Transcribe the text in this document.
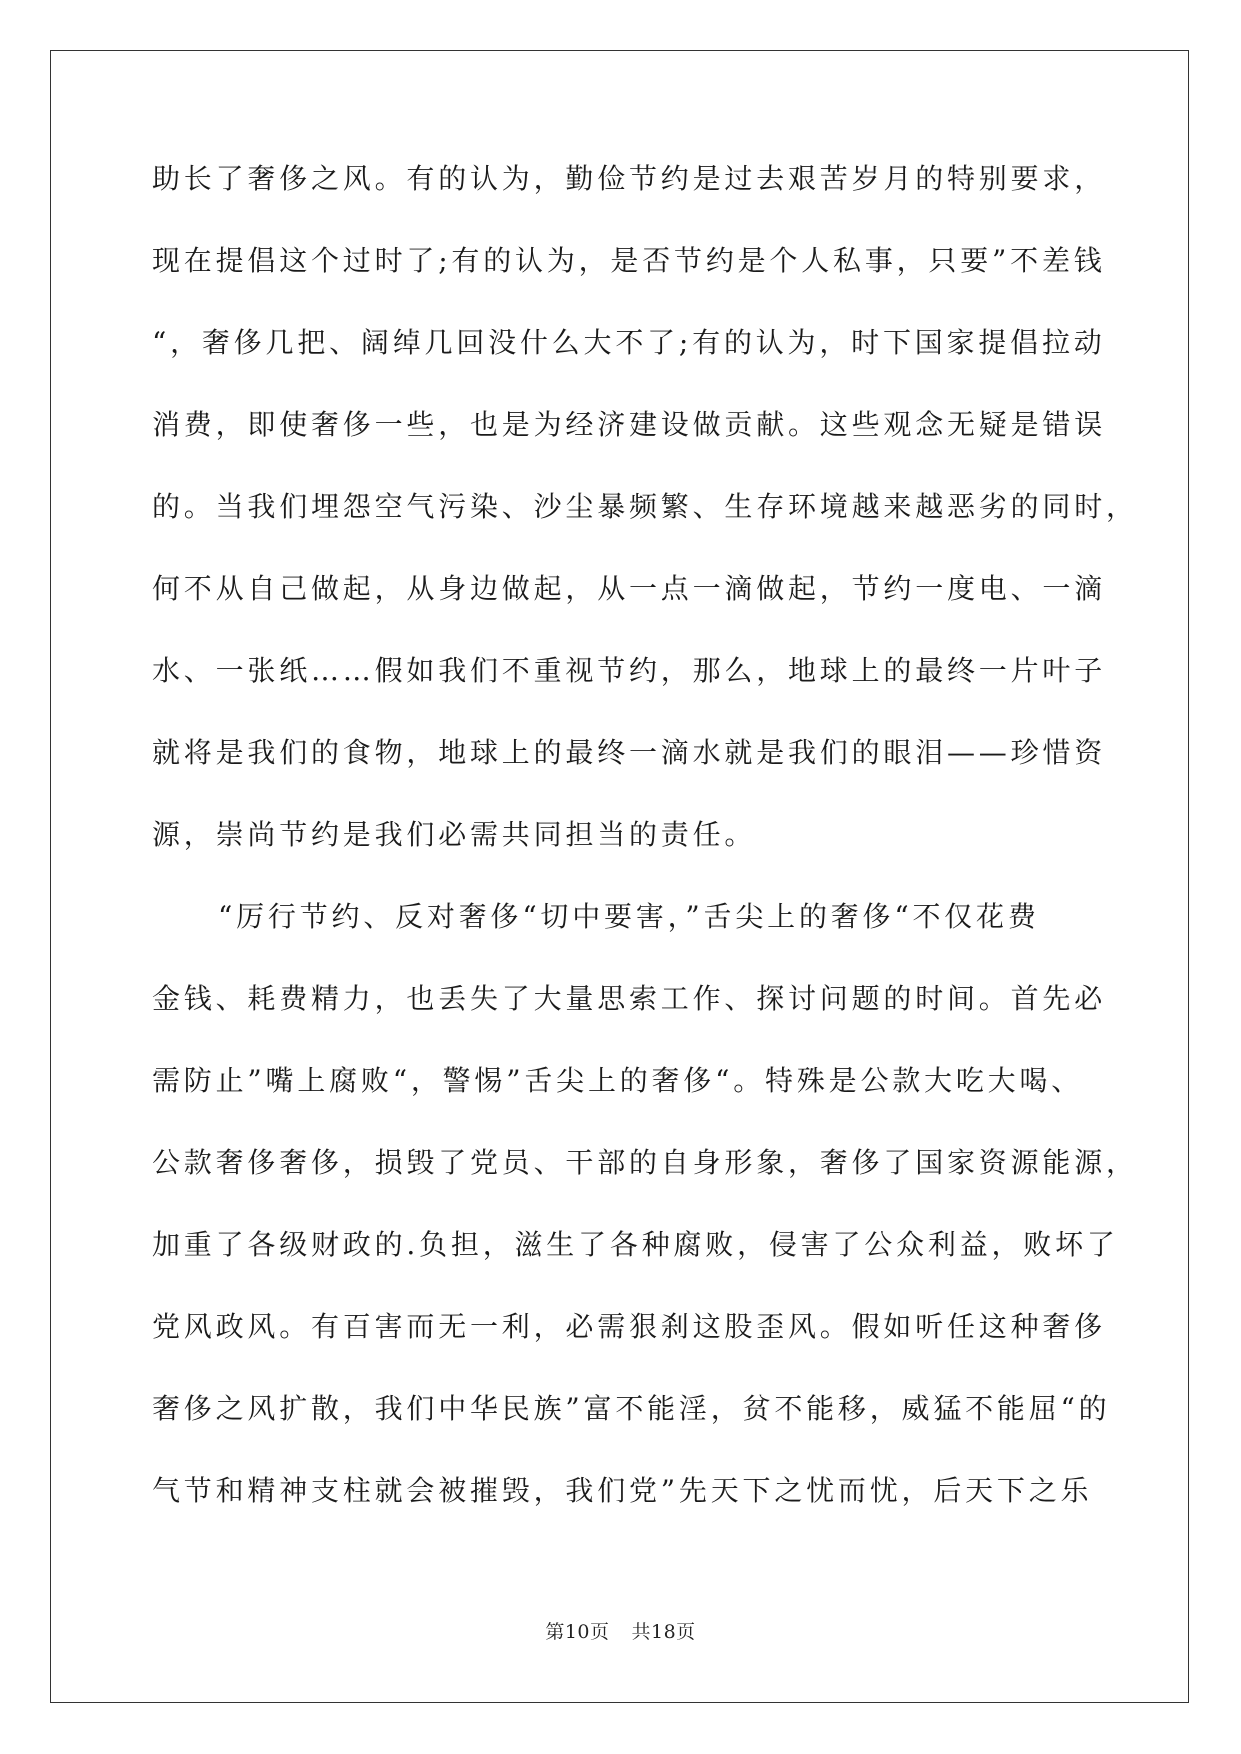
助长了奢侈之风。有的认为，勤俭节约是过去艰苦岁月的特别要求，
现在提倡这个过时了;有的认为，是否节约是个人私事，只要”不差钱
“，奢侈几把、阔绰几回没什么大不了;有的认为，时下国家提倡拉动
消费，即使奢侈一些，也是为经济建设做贡献。这些观念无疑是错误
的。当我们埋怨空气污染、沙尘暴频繁、生存环境越来越恶劣的同时，
何不从自己做起，从身边做起，从一点一滴做起，节约一度电、一滴
水、一张纸……假如我们不重视节约，那么，地球上的最终一片叶子
就将是我们的食物，地球上的最终一滴水就是我们的眼泪——珍惜资
源，崇尚节约是我们必需共同担当的责任。
“厉行节约、反对奢侈“切中要害，”舌尖上的奢侈“不仅花费
金钱、耗费精力，也丢失了大量思索工作、探讨问题的时间。首先必
需防止”嘴上腐败“，警惕”舌尖上的奢侈“。特殊是公款大吃大喝、
公款奢侈奢侈，损毁了党员、干部的自身形象，奢侈了国家资源能源，
加重了各级财政的.负担，滋生了各种腐败，侵害了公众利益，败坏了
党风政风。有百害而无一利，必需狠刹这股歪风。假如听任这种奢侈
奢侈之风扩散，我们中华民族”富不能淫，贫不能移，威猛不能屈“的
气节和精神支柱就会被摧毁，我们党”先天下之忧而忧，后天下之乐
第10页 共18页
